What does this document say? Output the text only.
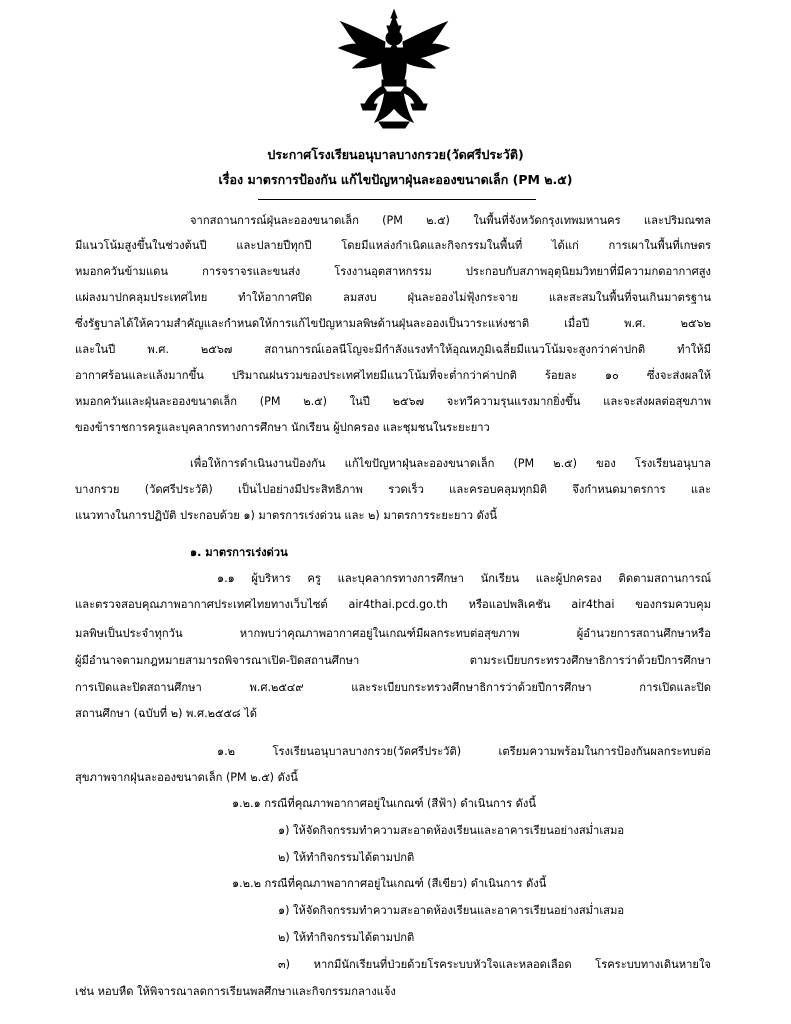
ประกาศโรงเรียนอนุบาลบางกรวย(วัดศรีประวัติ)
เรื่อง มาตรการป้องกัน แก้ไขปัญหาฝุ่นละอองขนาดเล็ก (PM ๒.๕)
จากสถานการณ์ฝุ่นละอองขนาดเล็ก (PM ๒.๕) ในพื้นที่จังหวัดกรุงเทพมหานคร และปริมณฑล
มีแนวโน้มสูงขึ้นในช่วงต้นปี และปลายปีทุกปี โดยมีแหล่งกำเนิดและกิจกรรมในพื้นที่ ได้แก่ การเผาในพื้นที่เกษตร
หมอกควันข้ามแดน การจราจรและขนส่ง โรงงานอุตสาหกรรม ประกอบกับสภาพอุตุนิยมวิทยาที่มีความกดอากาศสูง
แผ่ลงมาปกคลุมประเทศไทย ทำให้อากาศปิด ลมสงบ ฝุ่นละอองไม่ฟุ้งกระจาย และสะสมในพื้นที่จนเกินมาตรฐาน
ซึ่งรัฐบาลได้ให้ความสำคัญและกำหนดให้การแก้ไขปัญหามลพิษด้านฝุ่นละอองเป็นวาระแห่งชาติ เมื่อปี พ.ศ. ๒๕๖๒
และในปี พ.ศ. ๒๕๖๗ สถานการณ์เอลนีโญจะมีกำลังแรงทำให้อุณหภูมิเฉลี่ยมีแนวโน้มจะสูงกว่าค่าปกติ ทำให้มี
อากาศร้อนและแล้งมากขึ้น ปริมาณฝนรวมของประเทศไทยมีแนวโน้มที่จะต่ำกว่าค่าปกติ ร้อยละ ๑๐ ซึ่งจะส่งผลให้
หมอกควันและฝุ่นละอองขนาดเล็ก (PM ๒.๕) ในปี ๒๕๖๗ จะทวีความรุนแรงมากยิ่งขึ้น และจะส่งผลต่อสุขภาพ
ของข้าราชการครูและบุคลากรทางการศึกษา นักเรียน ผู้ปกครอง และชุมชนในระยะยาว
เพื่อให้การดำเนินงานป้องกัน แก้ไขปัญหาฝุ่นละอองขนาดเล็ก (PM ๒.๕) ของ โรงเรียนอนุบาล
บางกรวย (วัดศรีประวัติ) เป็นไปอย่างมีประสิทธิภาพ รวดเร็ว และครอบคลุมทุกมิติ จึงกำหนดมาตรการ และ
แนวทางในการปฏิบัติ ประกอบด้วย ๑) มาตรการเร่งด่วน และ ๒) มาตรการระยะยาว ดังนี้
๑. มาตรการเร่งด่วน
๑.๑ ผู้บริหาร ครู และบุคลากรทางการศึกษา นักเรียน และผู้ปกครอง ติดตามสถานการณ์
และตรวจสอบคุณภาพอากาศประเทศไทยทางเว็บไซต์ air4thai.pcd.go.th หรือแอปพลิเคชัน air4thai ของกรมควบคุม
มลพิษเป็นประจำทุกวัน หากพบว่าคุณภาพอากาศอยู่ในเกณฑ์มีผลกระทบต่อสุขภาพ ผู้อำนวยการสถานศึกษาหรือ
ผู้มีอำนาจตามกฎหมายสามารถพิจารณาเปิด-ปิดสถานศึกษา ตามระเบียบกระทรวงศึกษาธิการว่าด้วยปีการศึกษา
การเปิดและปิดสถานศึกษา พ.ศ.๒๕๔๙ และระเบียบกระทรวงศึกษาธิการว่าด้วยปีการศึกษา การเปิดและปิด
สถานศึกษา (ฉบับที่ ๒) พ.ศ.๒๕๕๘ ได้
๑.๒ โรงเรียนอนุบาลบางกรวย(วัดศรีประวัติ) เตรียมความพร้อมในการป้องกันผลกระทบต่อ
สุขภาพจากฝุ่นละอองขนาดเล็ก (PM ๒.๕) ดังนี้
๑.๒.๑ กรณีที่คุณภาพอากาศอยู่ในเกณฑ์ (สีฟ้า) ดำเนินการ ดังนี้
๑) ให้จัดกิจกรรมทำความสะอาดห้องเรียนและอาคารเรียนอย่างสม่ำเสมอ
๒) ให้ทำกิจกรรมได้ตามปกติ
๑.๒.๒ กรณีที่คุณภาพอากาศอยู่ในเกณฑ์ (สีเขียว) ดำเนินการ ดังนี้
๑) ให้จัดกิจกรรมทำความสะอาดห้องเรียนและอาคารเรียนอย่างสม่ำเสมอ
๒) ให้ทำกิจกรรมได้ตามปกติ
๓) หากมีนักเรียนที่ป่วยด้วยโรคระบบหัวใจและหลอดเลือด โรคระบบทางเดินหายใจ
เช่น หอบหืด ให้พิจารณาลดการเรียนพลศึกษาและกิจกรรมกลางแจ้ง
